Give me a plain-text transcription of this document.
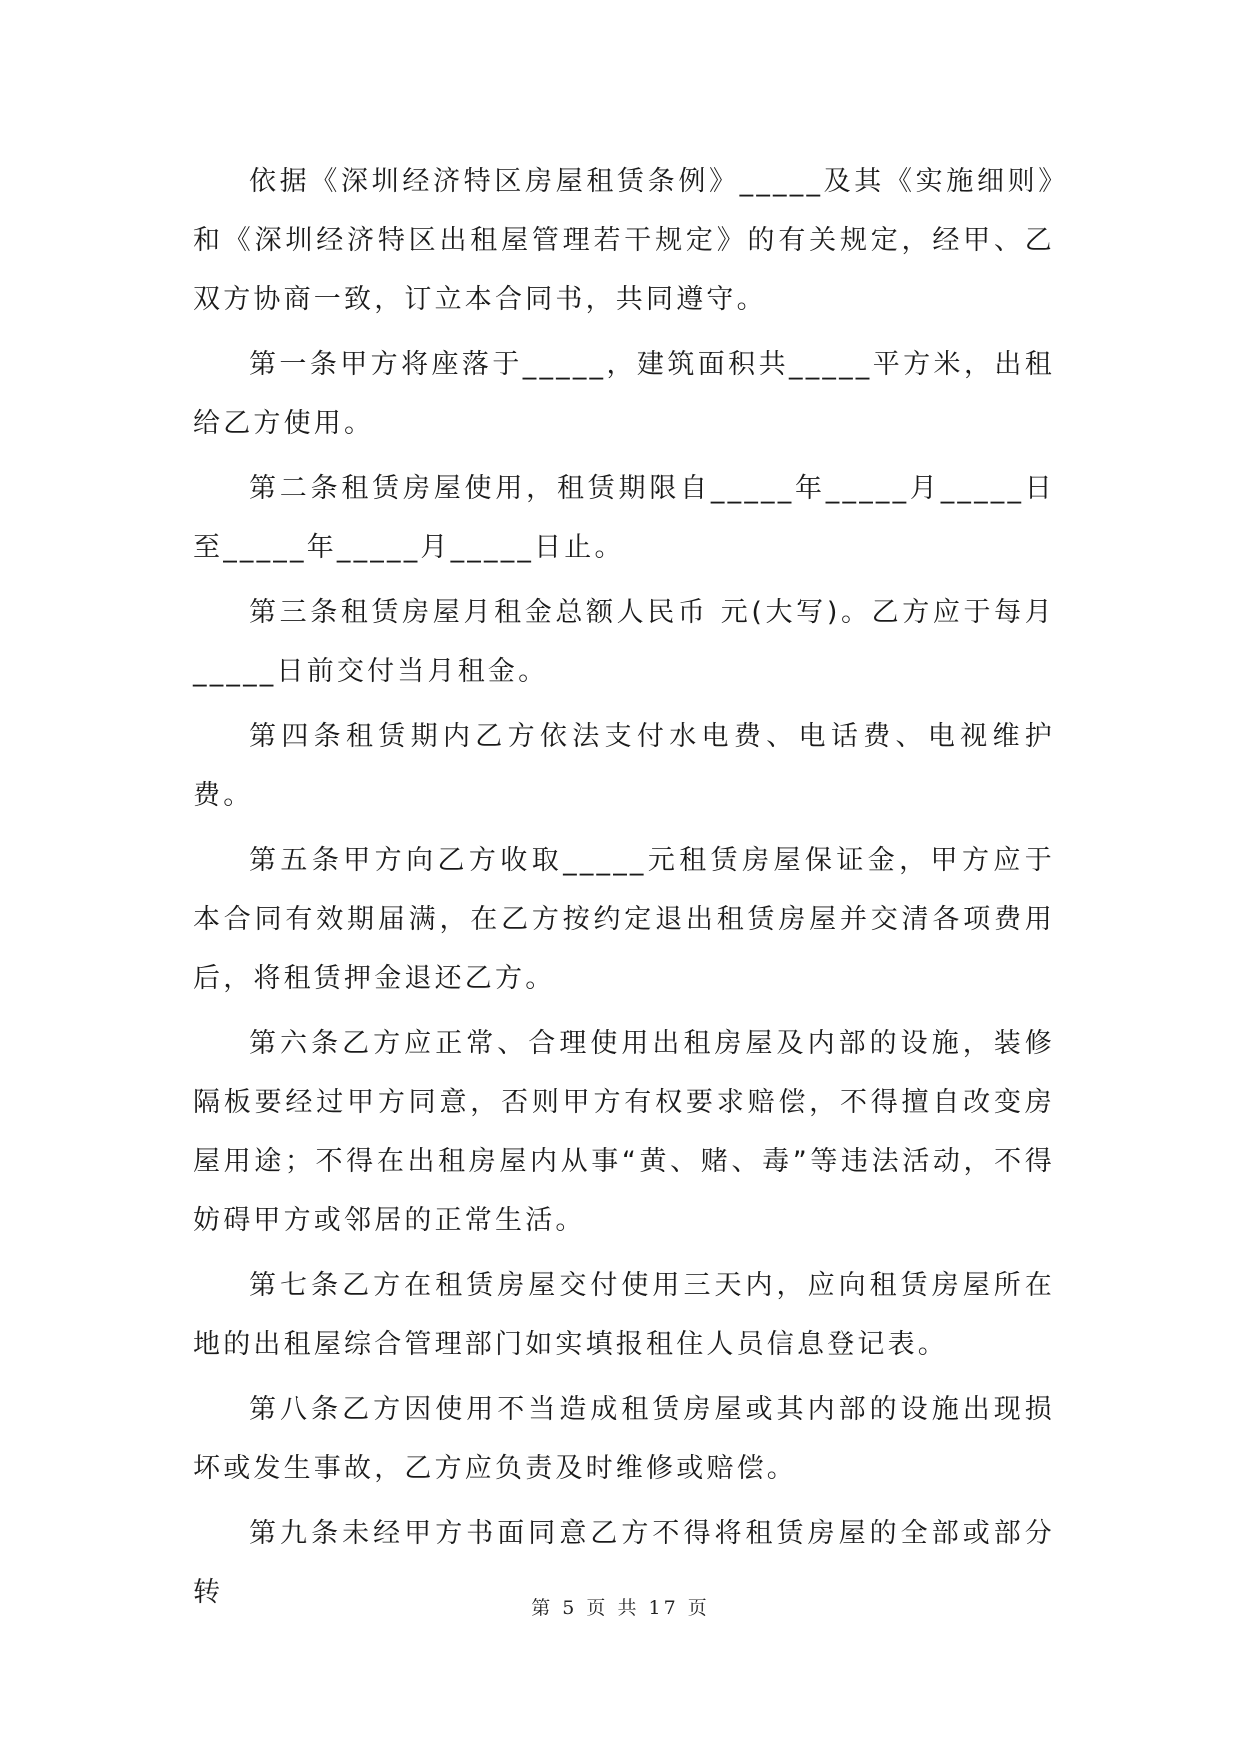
依据《深圳经济特区房屋租赁条例》_____及其《实施细则》和《深圳经济特区出租屋管理若干规定》的有关规定，经甲、乙双方协商一致，订立本合同书，共同遵守。

第一条甲方将座落于_____，建筑面积共_____平方米，出租给乙方使用。

第二条租赁房屋使用，租赁期限自_____年_____月_____日至_____年_____月_____日止。

第三条租赁房屋月租金总额人民币 元(大写)。乙方应于每月_____日前交付当月租金。

第四条租赁期内乙方依法支付水电费、电话费、电视维护费。

第五条甲方向乙方收取_____元租赁房屋保证金，甲方应于本合同有效期届满，在乙方按约定退出租赁房屋并交清各项费用后，将租赁押金退还乙方。

第六条乙方应正常、合理使用出租房屋及内部的设施，装修隔板要经过甲方同意，否则甲方有权要求赔偿，不得擅自改变房屋用途；不得在出租房屋内从事“黄、赌、毒”等违法活动，不得妨碍甲方或邻居的正常生活。

第七条乙方在租赁房屋交付使用三天内，应向租赁房屋所在地的出租屋综合管理部门如实填报租住人员信息登记表。

第八条乙方因使用不当造成租赁房屋或其内部的设施出现损坏或发生事故，乙方应负责及时维修或赔偿。

第九条未经甲方书面同意乙方不得将租赁房屋的全部或部分转	第 5 页 共 17 页
